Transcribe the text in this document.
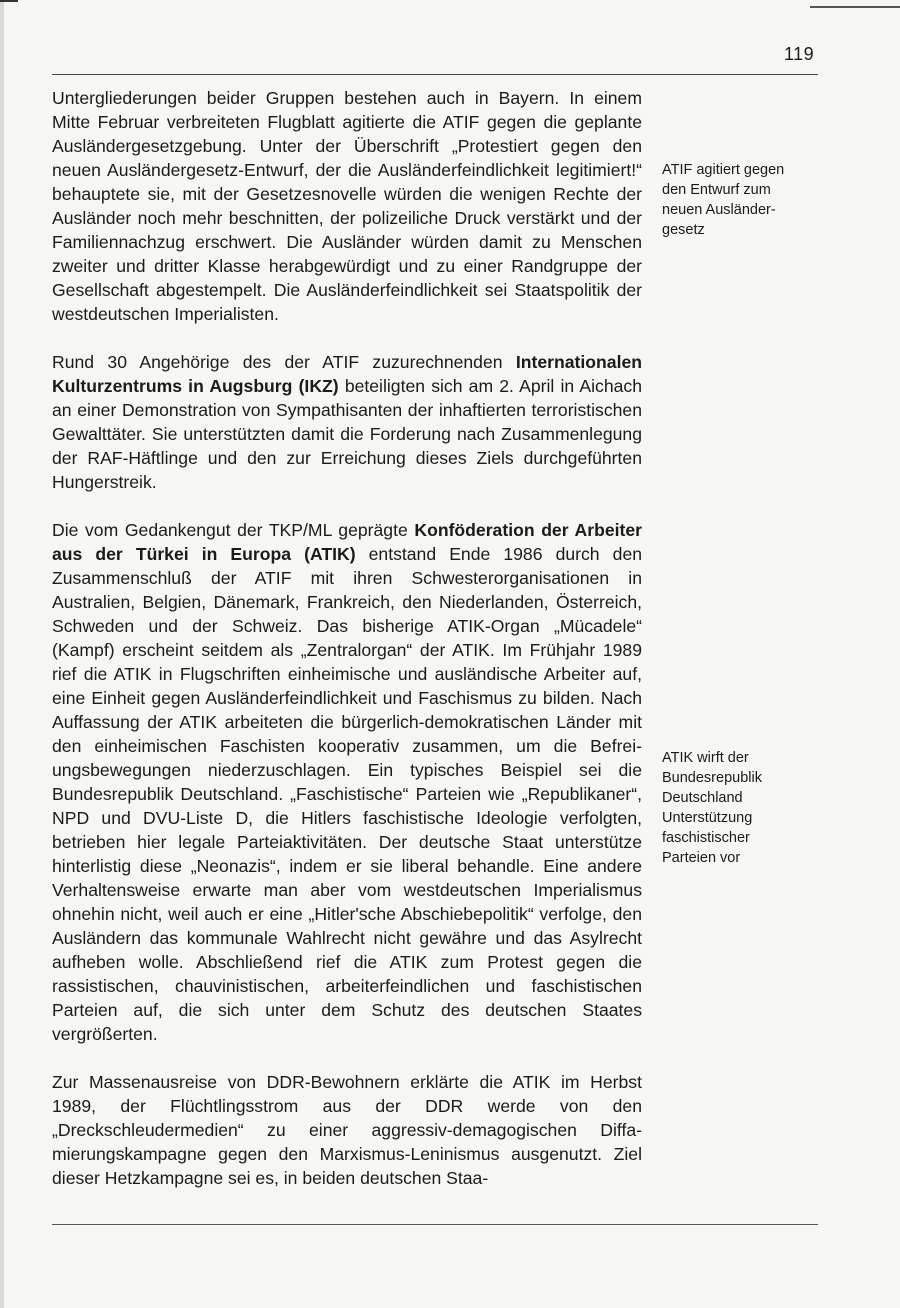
119

Untergliederungen beider Gruppen bestehen auch in Bayern. In einem Mitte Februar verbreiteten Flugblatt agitierte die ATIF gegen die geplante Ausländergesetzgebung. Unter der Überschrift „Protestiert gegen den neuen Ausländergesetz-Entwurf, der die Ausländerfeindlichkeit legitimiert!“ behauptete sie, mit der Gesetzesnovelle würden die wenigen Rechte der Ausländer noch mehr beschnitten, der polizeiliche Druck verstärkt und der Familiennachzug erschwert. Die Ausländer würden damit zu Menschen zweiter und dritter Klasse herabgewürdigt und zu einer Randgruppe der Gesellschaft abgestempelt. Die Ausländerfeindlichkeit sei Staatspolitik der westdeutschen Imperialisten.

Rund 30 Angehörige des der ATIF zuzurechnenden Internationalen Kulturzentrums in Augsburg (IKZ) beteiligten sich am 2. April in Aichach an einer Demonstration von Sympathisanten der inhaftierten terroristischen Gewalttäter. Sie unterstützten damit die Forderung nach Zusammenlegung der RAF-Häftlinge und den zur Erreichung dieses Ziels durchgeführten Hungerstreik.

Die vom Gedankengut der TKP/ML geprägte Konföderation der Arbeiter aus der Türkei in Europa (ATIK) entstand Ende 1986 durch den Zusammenschluß der ATIF mit ihren Schwesterorganisationen in Australien, Belgien, Dänemark, Frankreich, den Niederlanden, Österreich, Schweden und der Schweiz. Das bisherige ATIK-Organ „Mücadele“ (Kampf) erscheint seitdem als „Zentralorgan“ der ATIK. Im Frühjahr 1989 rief die ATIK in Flugschriften einheimische und ausländische Arbeiter auf, eine Einheit gegen Ausländerfeindlichkeit und Faschismus zu bilden. Nach Auffassung der ATIK arbeiteten die bürgerlich-demokratischen Länder mit den einheimischen Faschisten kooperativ zusammen, um die Befreiungsbewegungen niederzuschlagen. Ein typisches Beispiel sei die Bundesrepublik Deutschland. „Faschistische“ Parteien wie „Republikaner“, NPD und DVU-Liste D, die Hitlers faschistische Ideologie verfolgten, betrieben hier legale Parteiaktivitäten. Der deutsche Staat unterstütze hinterlistig diese „Neonazis“, indem er sie liberal behandle. Eine andere Verhaltensweise erwarte man aber vom westdeutschen Imperialismus ohnehin nicht, weil auch er eine „Hitler'sche Abschiebepolitik“ verfolge, den Ausländern das kommunale Wahlrecht nicht gewähre und das Asylrecht aufheben wolle. Abschließend rief die ATIK zum Protest gegen die rassistischen, chauvinistischen, arbeiterfeindlichen und faschistischen Parteien auf, die sich unter dem Schutz des deutschen Staates vergrößerten.

Zur Massenausreise von DDR-Bewohnern erklärte die ATIK im Herbst 1989, der Flüchtlingsstrom aus der DDR werde von den „Dreckschleudermedien“ zu einer aggressiv-demagogischen Diffamierungskampagne gegen den Marxismus-Leninismus ausgenutzt. Ziel dieser Hetzkampagne sei es, in beiden deutschen Staa-

ATIF agitiert gegen
den Entwurf zum
neuen Ausländer-
gesetz
ATIK wirft der
Bundesrepublik
Deutschland
Unterstützung
faschistischer
Parteien vor
